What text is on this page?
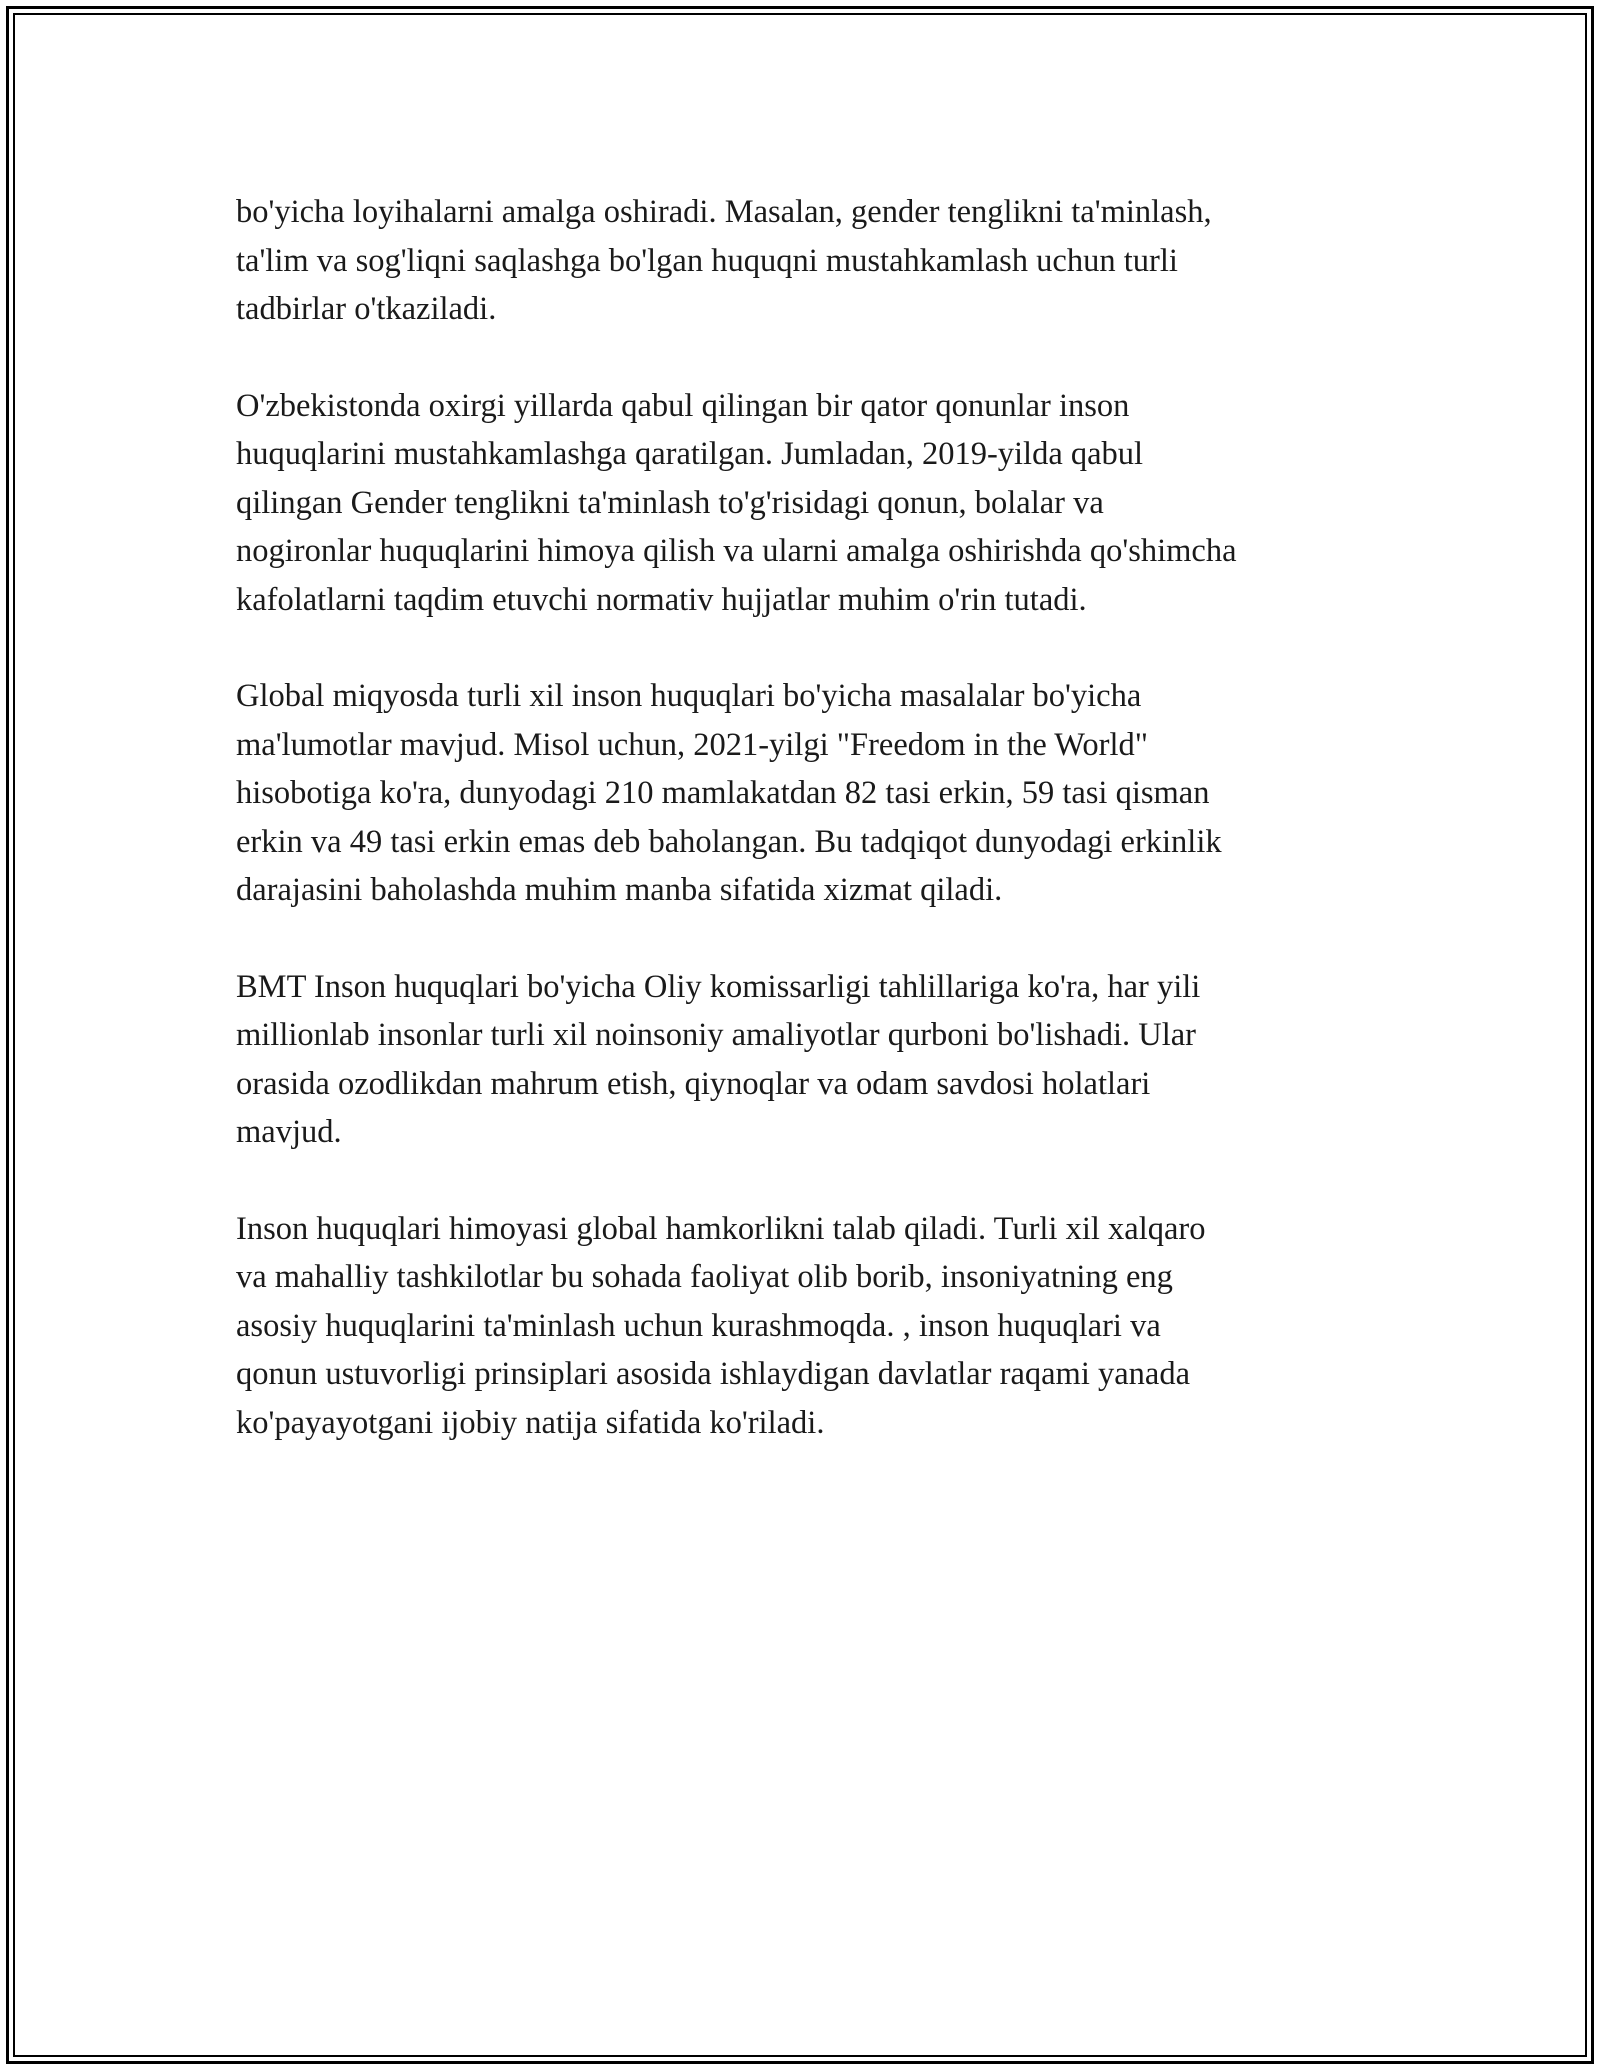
bo'yicha loyihalarni amalga oshiradi. Masalan, gender tenglikni ta'minlash,
ta'lim va sog'liqni saqlashga bo'lgan huquqni mustahkamlash uchun turli
tadbirlar o'tkaziladi.

O'zbekistonda oxirgi yillarda qabul qilingan bir qator qonunlar inson
huquqlarini mustahkamlashga qaratilgan. Jumladan, 2019-yilda qabul
qilingan Gender tenglikni ta'minlash to'g'risidagi qonun, bolalar va
nogironlar huquqlarini himoya qilish va ularni amalga oshirishda qo'shimcha
kafolatlarni taqdim etuvchi normativ hujjatlar muhim o'rin tutadi.

Global miqyosda turli xil inson huquqlari bo'yicha masalalar bo'yicha
ma'lumotlar mavjud. Misol uchun, 2021-yilgi "Freedom in the World"
hisobotiga ko'ra, dunyodagi 210 mamlakatdan 82 tasi erkin, 59 tasi qisman
erkin va 49 tasi erkin emas deb baholangan. Bu tadqiqot dunyodagi erkinlik
darajasini baholashda muhim manba sifatida xizmat qiladi.

BMT Inson huquqlari bo'yicha Oliy komissarligi tahlillariga ko'ra, har yili
millionlab insonlar turli xil noinsoniy amaliyotlar qurboni bo'lishadi. Ular
orasida ozodlikdan mahrum etish, qiynoqlar va odam savdosi holatlari
mavjud.

Inson huquqlari himoyasi global hamkorlikni talab qiladi. Turli xil xalqaro
va mahalliy tashkilotlar bu sohada faoliyat olib borib, insoniyatning eng
asosiy huquqlarini ta'minlash uchun kurashmoqda. , inson huquqlari va
qonun ustuvorligi prinsiplari asosida ishlaydigan davlatlar raqami yanada
ko'payayotgani ijobiy natija sifatida ko'riladi.
